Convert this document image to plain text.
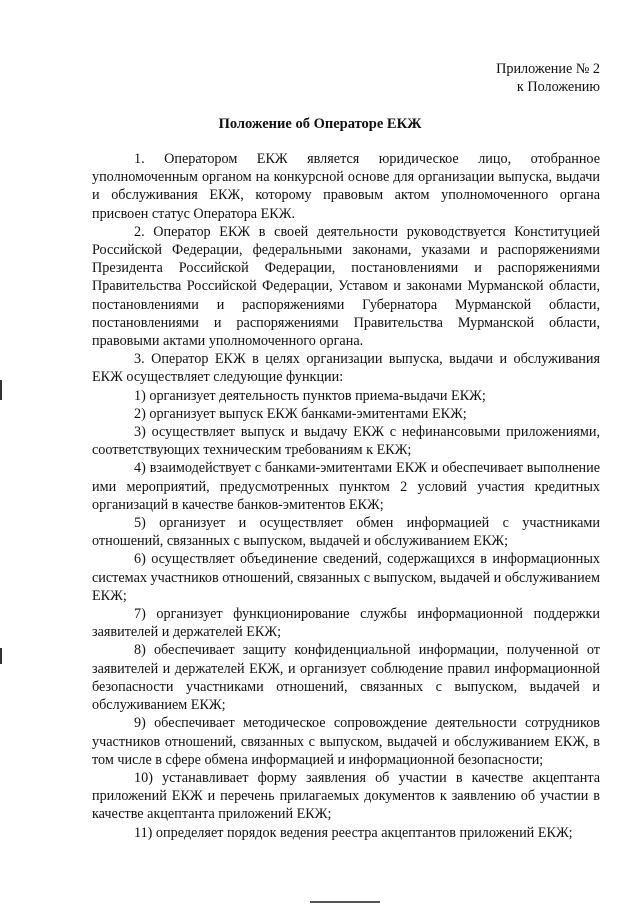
Приложение № 2
к Положению
Положение об Операторе ЕКЖ

1. Оператором ЕКЖ является юридическое лицо, отобранное уполномоченным органом на конкурсной основе для организации выпуска, выдачи и обслуживания ЕКЖ, которому правовым актом уполномоченного органа присвоен статус Оператора ЕКЖ.

2. Оператор ЕКЖ в своей деятельности руководствуется Конституцией Российской Федерации, федеральными законами, указами и распоряжениями Президента Российской Федерации, постановлениями и распоряжениями Правительства Российской Федерации, Уставом и законами Мурманской области, постановлениями и распоряжениями Губернатора Мурманской области, постановлениями и распоряжениями Правительства Мурманской области, правовыми актами уполномоченного органа.

3. Оператор ЕКЖ в целях организации выпуска, выдачи и обслуживания ЕКЖ осуществляет следующие функции:

1) организует деятельность пунктов приема-выдачи ЕКЖ;

2) организует выпуск ЕКЖ банками-эмитентами ЕКЖ;

3) осуществляет выпуск и выдачу ЕКЖ с нефинансовыми приложениями, соответствующих техническим требованиям к ЕКЖ;

4) взаимодействует с банками-эмитентами ЕКЖ и обеспечивает выполнение ими мероприятий, предусмотренных пунктом 2 условий участия кредитных организаций в качестве банков-эмитентов ЕКЖ;

5) организует и осуществляет обмен информацией с участниками отношений, связанных с выпуском, выдачей и обслуживанием ЕКЖ;

6) осуществляет объединение сведений, содержащихся в информационных системах участников отношений, связанных с выпуском, выдачей и обслуживанием ЕКЖ;

7) организует функционирование службы информационной поддержки заявителей и держателей ЕКЖ;

8) обеспечивает защиту конфиденциальной информации, полученной от заявителей и держателей ЕКЖ, и организует соблюдение правил информационной безопасности участниками отношений, связанных с выпуском, выдачей и обслуживанием ЕКЖ;

9) обеспечивает методическое сопровождение деятельности сотрудников участников отношений, связанных с выпуском, выдачей и обслуживанием ЕКЖ, в том числе в сфере обмена информацией и информационной безопасности;

10) устанавливает форму заявления об участии в качестве акцептанта приложений ЕКЖ и перечень прилагаемых документов к заявлению об участии в качестве акцептанта приложений ЕКЖ;

11) определяет порядок ведения реестра акцептантов приложений ЕКЖ;
